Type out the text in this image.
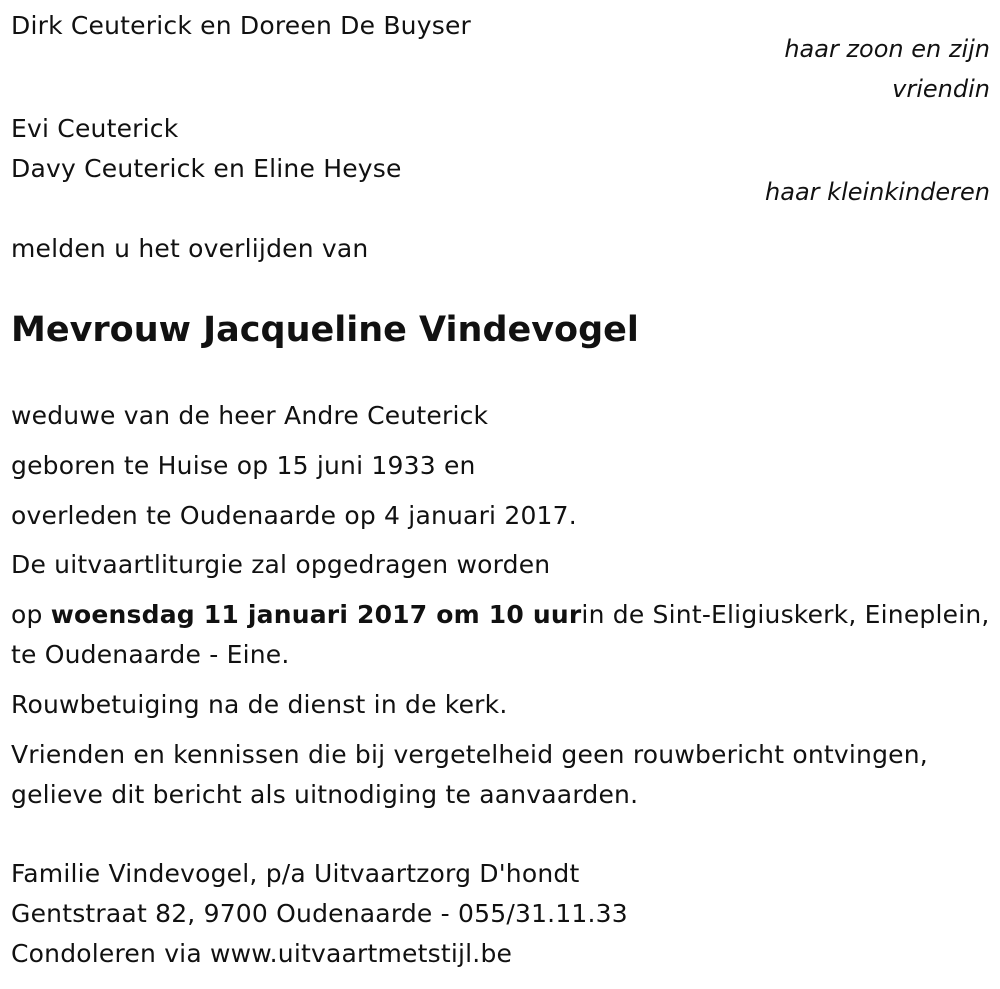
Dirk Ceuterick en Doreen De Buyser
haar zoon en zijn
vriendin
Evi Ceuterick
Davy Ceuterick en Eline Heyse
haar kleinkinderen
melden u het overlijden van
Mevrouw Jacqueline Vindevogel
weduwe van de heer Andre Ceuterick
geboren te Huise op 15 juni 1933 en
overleden te Oudenaarde op 4 januari 2017.
De uitvaartliturgie zal opgedragen worden
op woensdag 11 januari 2017 om 10 uurin de Sint-Eligiuskerk, Eineplein,
te Oudenaarde - Eine.
Rouwbetuiging na de dienst in de kerk.
Vrienden en kennissen die bij vergetelheid geen rouwbericht ontvingen,
gelieve dit bericht als uitnodiging te aanvaarden.
Familie Vindevogel, p/a Uitvaartzorg D'hondt
Gentstraat 82, 9700 Oudenaarde - 055/31.11.33
Condoleren via www.uitvaartmetstijl.be
